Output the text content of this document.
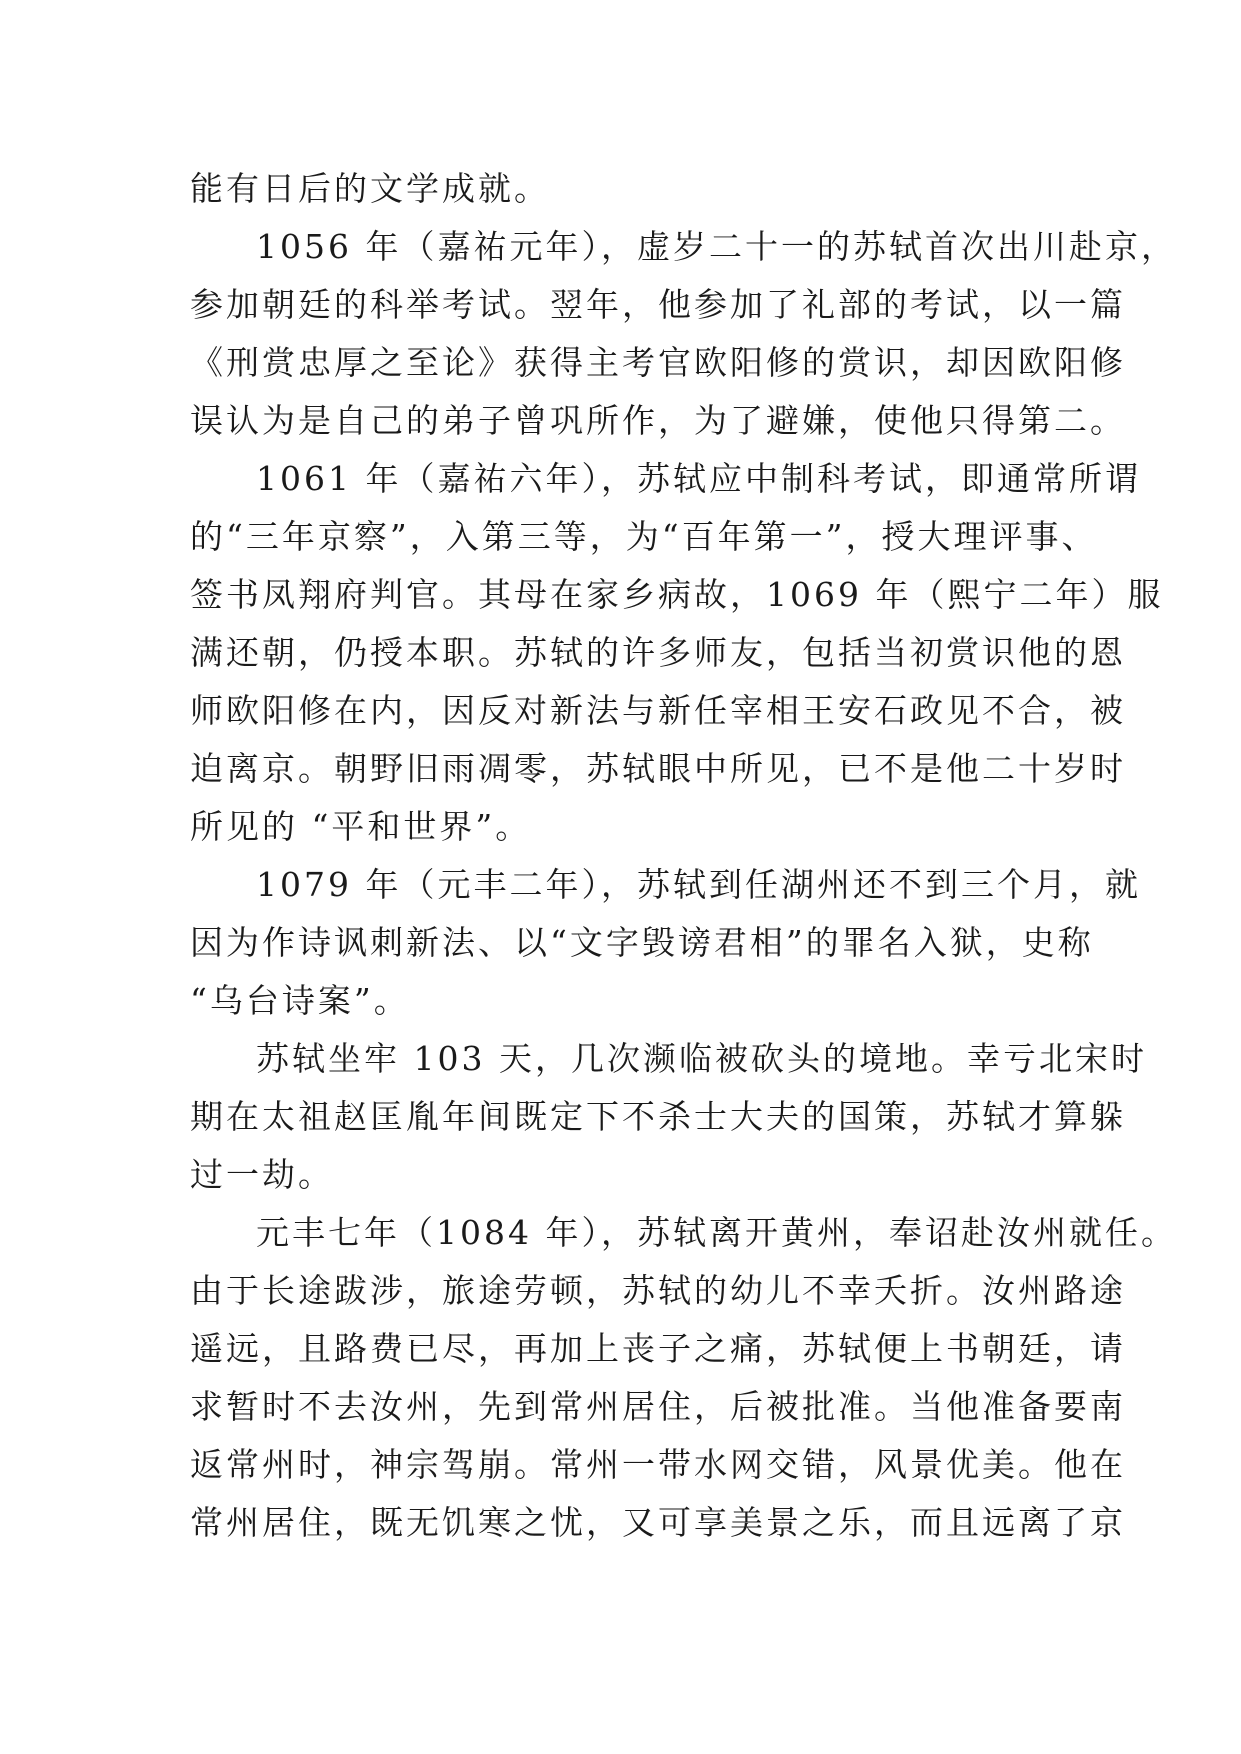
能有日后的文学成就。
1056 年（嘉祐元年），虚岁二十一的苏轼首次出川赴京，
参加朝廷的科举考试。翌年，他参加了礼部的考试，以一篇
《刑赏忠厚之至论》获得主考官欧阳修的赏识，却因欧阳修
误认为是自己的弟子曾巩所作，为了避嫌，使他只得第二。
1061 年（嘉祐六年），苏轼应中制科考试，即通常所谓
的“三年京察”，入第三等，为“百年第一”，授大理评事、
签书凤翔府判官。其母在家乡病故，1069 年（熙宁二年）服
满还朝，仍授本职。苏轼的许多师友，包括当初赏识他的恩
师欧阳修在内，因反对新法与新任宰相王安石政见不合，被
迫离京。朝野旧雨凋零，苏轼眼中所见，已不是他二十岁时
所见的 “平和世界”。
1079 年（元丰二年），苏轼到任湖州还不到三个月，就
因为作诗讽刺新法、以“文字毁谤君相”的罪名入狱，史称
“乌台诗案”。
苏轼坐牢 103 天，几次濒临被砍头的境地。幸亏北宋时
期在太祖赵匡胤年间既定下不杀士大夫的国策，苏轼才算躲
过一劫。
元丰七年（1084 年），苏轼离开黄州，奉诏赴汝州就任。
由于长途跋涉，旅途劳顿，苏轼的幼儿不幸夭折。汝州路途
遥远，且路费已尽，再加上丧子之痛，苏轼便上书朝廷，请
求暂时不去汝州，先到常州居住，后被批准。当他准备要南
返常州时，神宗驾崩。常州一带水网交错，风景优美。他在
常州居住，既无饥寒之忧，又可享美景之乐，而且远离了京
